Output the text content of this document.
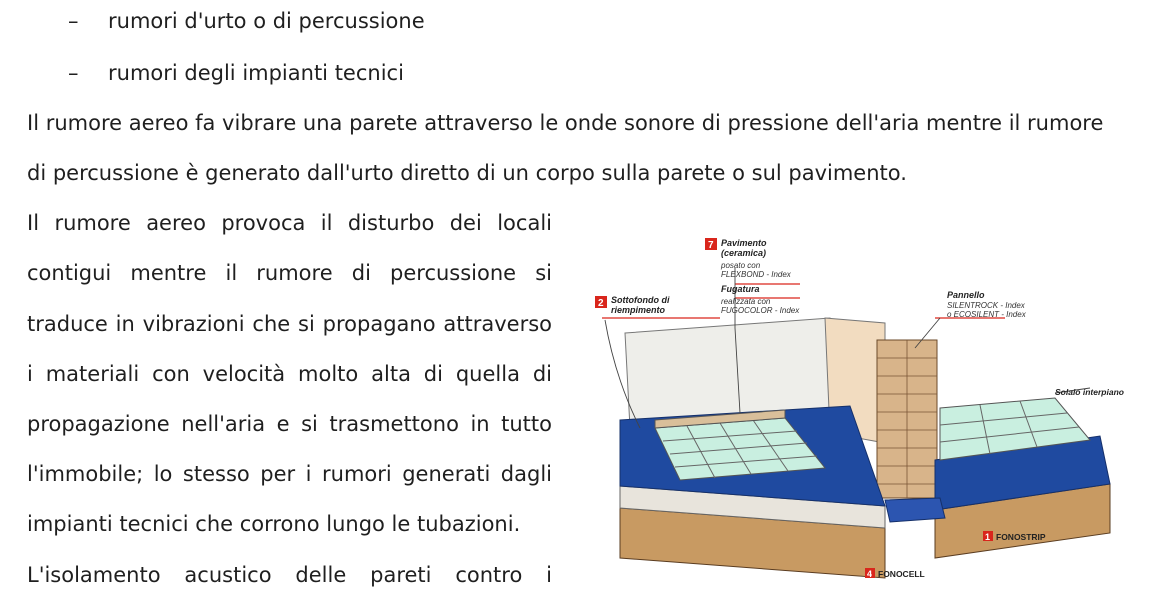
– rumori d'urto o di percussione
– rumori degli impianti tecnici
Il rumore aereo fa vibrare una parete attraverso le onde sonore di pressione dell'aria mentre il rumore
di percussione è generato dall'urto diretto di un corpo sulla parete o sul pavimento.
Il rumore aereo provoca il disturbo dei locali
contigui mentre il rumore di percussione si
traduce in vibrazioni che si propagano attraverso
i materiali con velocità molto alta di quella di
propagazione nell'aria e si trasmettono in tutto
l'immobile; lo stesso per i rumori generati dagli
impianti tecnici che corrono lungo le tubazioni.
L'isolamento acustico delle pareti contro i
7 Pavimento
(ceramica)
posato con
FLEXBOND - Index
Fugatura
realizzata con
FUGOCOLOR - Index
2 Sottofondo di
riempimento
Pannello
SILENTROCK - Index
o ECOSILENT - Index
Solaio interpiano
1 FONOSTRIP
4 FONOCELL
